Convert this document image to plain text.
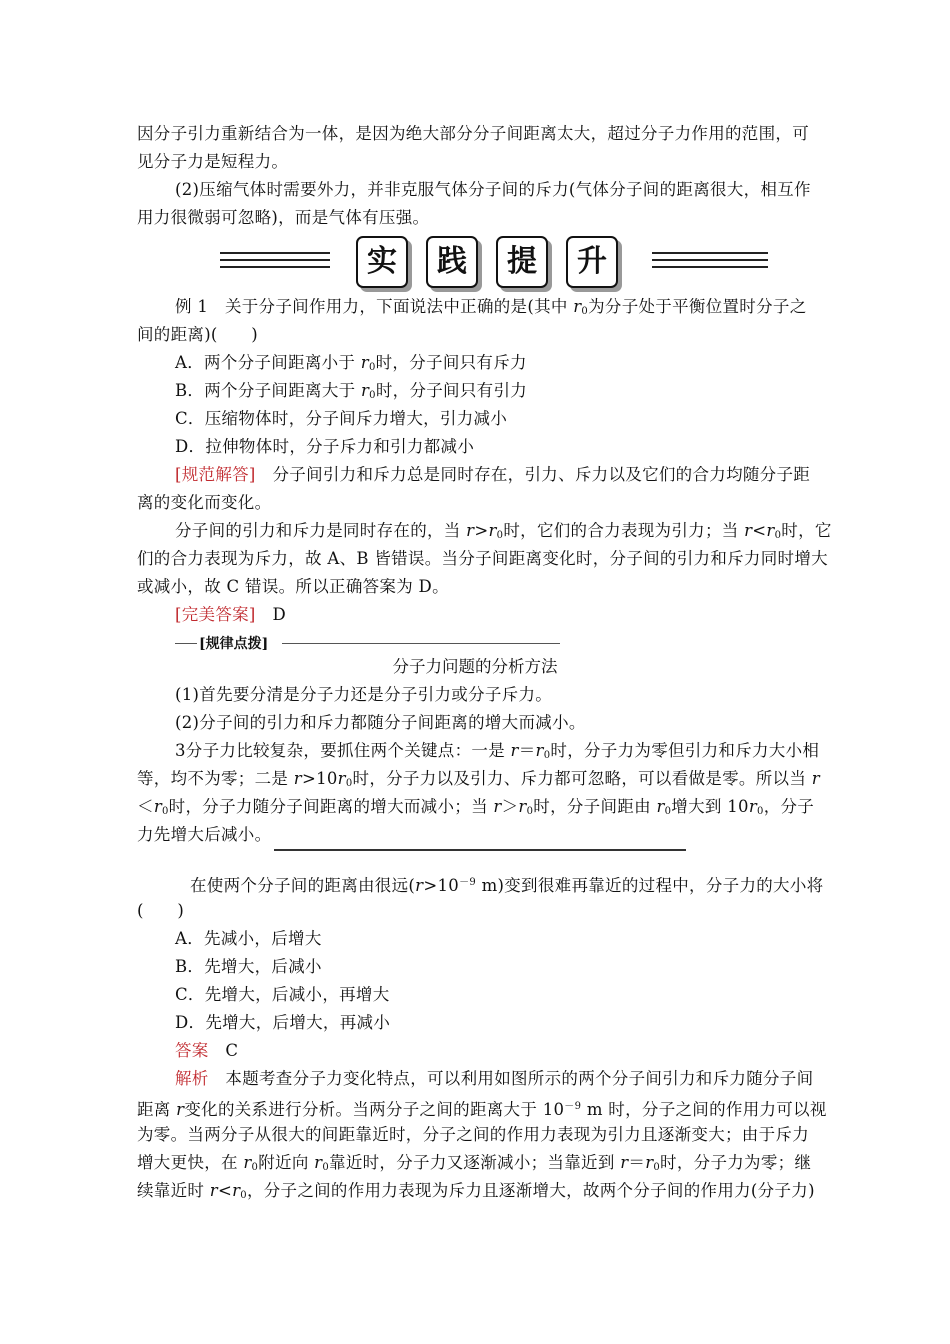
因分子引力重新结合为一体，是因为绝大部分分子间距离太大，超过分子力作用的范围，可
见分子力是短程力。
(2)压缩气体时需要外力，并非克服气体分子间的斥力(气体分子间的距离很大，相互作
用力很微弱可忽略)，而是气体有压强。
实	践	提	升
例 1　关于分子间作用力，下面说法中正确的是(其中 $r_0$为分子处于平衡位置时分子之
间的距离)(　　)
A．两个分子间距离小于 $r_0$时，分子间只有斥力
B．两个分子间距离大于 $r_0$时，分子间只有引力
C．压缩物体时，分子间斥力增大，引力减小
D．拉伸物体时，分子斥力和引力都减小
[规范解答]　分子间引力和斥力总是同时存在，引力、斥力以及它们的合力均随分子距
离的变化而变化。
分子间的引力和斥力是同时存在的，当 $r>r_0$时，它们的合力表现为引力；当 $r<r_0$时，它
们的合力表现为斥力，故 A、B 皆错误。当分子间距离变化时，分子间的引力和斥力同时增大
或减小，故 C 错误。所以正确答案为 D。
[完美答案]　D
[规律点拨]
分子力问题的分析方法
(1)首先要分清是分子力还是分子引力或分子斥力。
(2)分子间的引力和斥力都随分子间距离的增大而减小。
3分子力比较复杂，要抓住两个关键点：一是 $r=r_0$时，分子力为零但引力和斥力大小相
等，均不为零；二是 $r>10r_0$时，分子力以及引力、斥力都可忽略，可以看做是零。所以当 r
$<r_0$时，分子力随分子间距离的增大而减小；当 $r>r_0$时，分子间距由 $r_0$增大到 $10r_0$，分子
力先增大后减小。
在使两个分子间的距离由很远($r>10^{-9}$ m)变到很难再靠近的过程中，分子力的大小将
(　　)
A．先减小，后增大
B．先增大，后减小
C．先增大，后减小，再增大
D．先增大，后增大，再减小
答案　C
解析　本题考查分子力变化特点，可以利用如图所示的两个分子间引力和斥力随分子间
距离 r变化的关系进行分析。当两分子之间的距离大于 $10^{-9}$ m 时，分子之间的作用力可以视
为零。当两分子从很大的间距靠近时，分子之间的作用力表现为引力且逐渐变大；由于斥力
增大更快，在 $r_0$附近向 $r_0$靠近时，分子力又逐渐减小；当靠近到 $r=r_0$时，分子力为零；继
续靠近时 $r<r_0$，分子之间的作用力表现为斥力且逐渐增大，故两个分子间的作用力(分子力)
